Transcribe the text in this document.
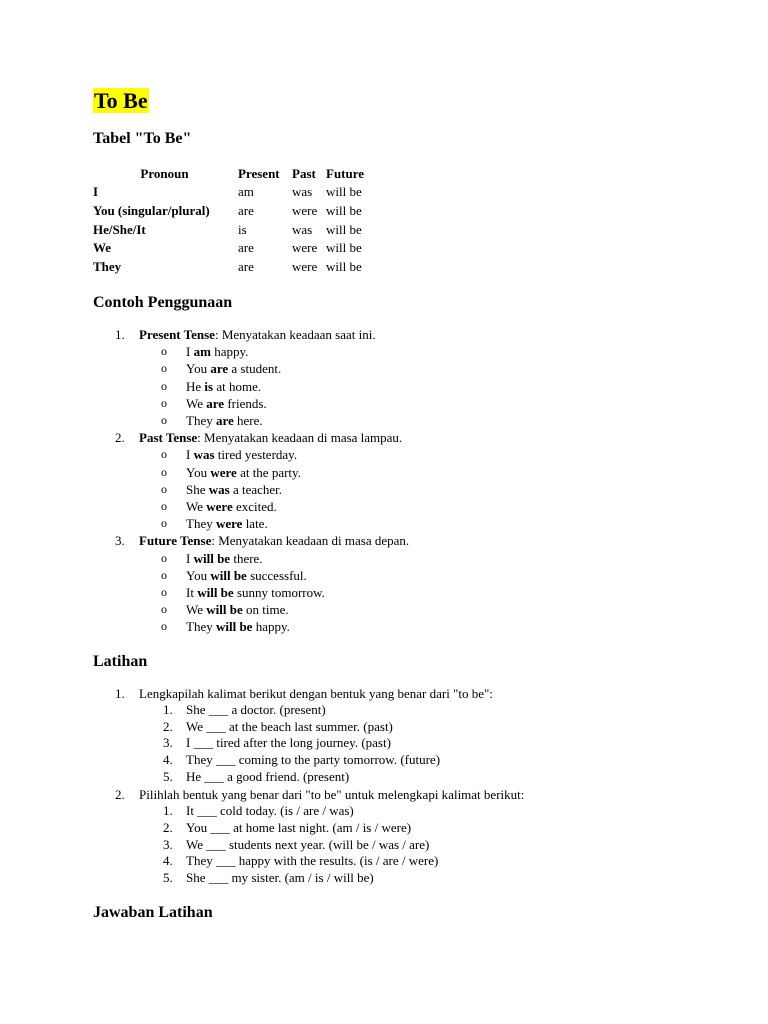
To Be
Tabel "To Be"
Pronoun	Present	Past	Future
I	am	was	will be
You (singular/plural)	are	were	will be
He/She/It	is	was	will be
We	are	were	will be
They	are	were	will be
Contoh Penggunaan
1. Present Tense: Menyatakan keadaan saat ini.
o I am happy.
o You are a student.
o He is at home.
o We are friends.
o They are here.
2. Past Tense: Menyatakan keadaan di masa lampau.
o I was tired yesterday.
o You were at the party.
o She was a teacher.
o We were excited.
o They were late.
3. Future Tense: Menyatakan keadaan di masa depan.
o I will be there.
o You will be successful.
o It will be sunny tomorrow.
o We will be on time.
o They will be happy.
Latihan
1. Lengkapilah kalimat berikut dengan bentuk yang benar dari "to be":
1. She ___ a doctor. (present)
2. We ___ at the beach last summer. (past)
3. I ___ tired after the long journey. (past)
4. They ___ coming to the party tomorrow. (future)
5. He ___ a good friend. (present)
2. Pilihlah bentuk yang benar dari "to be" untuk melengkapi kalimat berikut:
1. It ___ cold today. (is / are / was)
2. You ___ at home last night. (am / is / were)
3. We ___ students next year. (will be / was / are)
4. They ___ happy with the results. (is / are / were)
5. She ___ my sister. (am / is / will be)
Jawaban Latihan
